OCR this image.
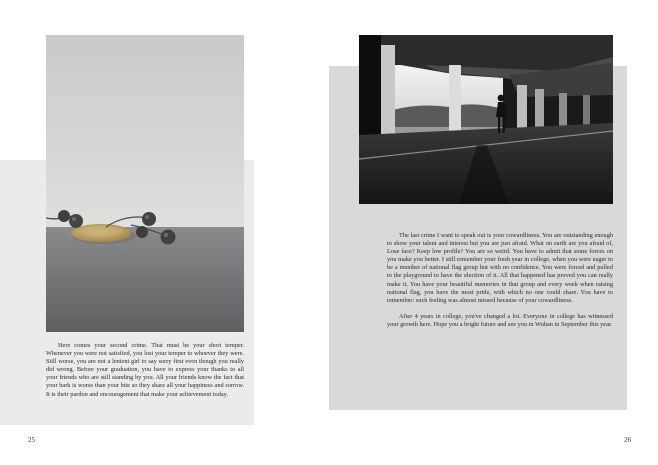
Here comes your second crime. That must be your short temper. Whenever you were not satisfied, you lost your temper to whoever they were. Still worse, you are not a lenient girl to say sorry first even though you really did wrong. Before your graduation, you have to express your thanks to all your friends who are still standing by you. All your friends know the fact that your bark is worse than your bite so they share all your happiness and sorrow. It is their pardon and encouragement that make your achievement today.

The last crime I want to speak out is your cowardliness. You are outstanding enough to show your talent and interest but you are just afraid. What on earth are you afraid of, Lose face? Keep low profile? You are so weird. You have to admit that some forces on you make you better. I still remember your fresh year in college, when you were eager to be a member of national flag group but with no confidence. You were forced and pulled to the playground to have the election of it. All that happened has proved you can really make it. You have your beautiful memories in that group and every week when raising national flag, you have the most pride, with which no one could share. You have to remember: such feeling was almost missed because of your cowardliness.

After 4 years in college, you've changed a lot. Everyone in college has witnessed your growth here. Hope you a bright future and see you in Wuhan in September this year.

25	26
